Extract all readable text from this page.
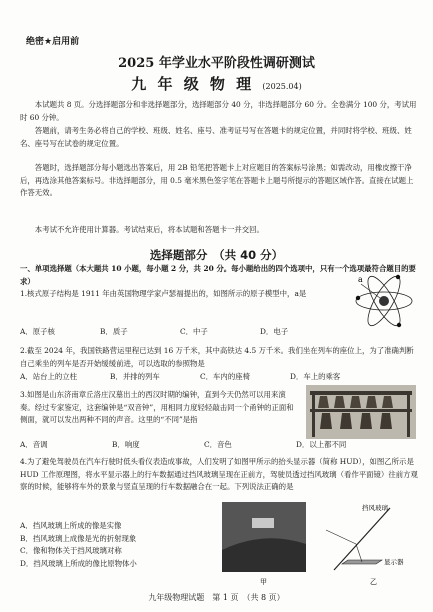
绝密★启用前
2025 年学业水平阶段性调研测试
九 年 级 物 理 (2025.04)
本试题共 8 页。分选择题部分和非选择题部分，选择题部分 40 分，非选择题部分 60 分。全卷满分 100 分，考试用时 60 分钟。
答题前，请考生务必将自己的学校、班级、姓名、座号、准考证号写在答题卡的规定位置，并同时将学校、班级、姓名、座号写在试卷的规定位置。
答题时，选择题部分每小题选出答案后，用 2B 铅笔把答题卡上对应题目的答案标号涂黑；如需改动，用橡皮擦干净后，再选涂其他答案标号。非选择题部分，用 0.5 毫米黑色签字笔在答题卡上题号所提示的答题区域作答。直接在试题上作答无效。
本考试不允许使用计算器。考试结束后，将本试题和答题卡一并交回。
选择题部分　（共 40 分）
一、单项选择题（本大题共 10 小题，每小题 2 分，共 20 分。每小题给出的四个选项中，只有一个选项最符合题目的要求）
1.核式原子结构是 1911 年由英国物理学家卢瑟福提出的，如图所示的原子模型中，a是
A．原子核	B．质子	C．中子	D．电子
a
2.截至 2024 年，我国铁路营运里程已达到 16 万千米，其中高铁达 4.5 万千米。我们坐在列车的座位上，为了准确判断自己乘坐的列车是否开始缓缓前进，可以选取的参照物是
A．站台上的立柱	B．并排的列车	C．车内的座椅	D．车上的乘客
3.如图是山东济南章丘洛庄汉墓出土的西汉时期的编钟，直到今天仍然可以用来演奏。经过专家鉴定，这套编钟是“双音钟”，用相同力度轻轻敲击同一个甬钟的正面和侧面，就可以发出两种不同的声音。这里的“不同”是指
A．音调	B．响度	C．音色	D．以上都不同
4.为了避免驾驶员在汽车行驶时低头看仪表造成事故，人们发明了如图甲所示的抬头显示器（简称 HUD），如图乙所示是 HUD 工作原理图，将水平显示器上的行车数据通过挡风玻璃呈现在正前方，驾驶员透过挡风玻璃（看作平面镜）往前方观察的时候，能够将车外的景象与竖直呈现的行车数据融合在一起。下列说法正确的是
A．挡风玻璃上所成的像是实像
B．挡风玻璃上成像是光的折射现象
C．像和物体关于挡风玻璃对称
D．挡风玻璃上所成的像比原物体小
甲
挡风玻璃
显示器
乙
九年级物理试题　第 1 页　（共 8 页）
